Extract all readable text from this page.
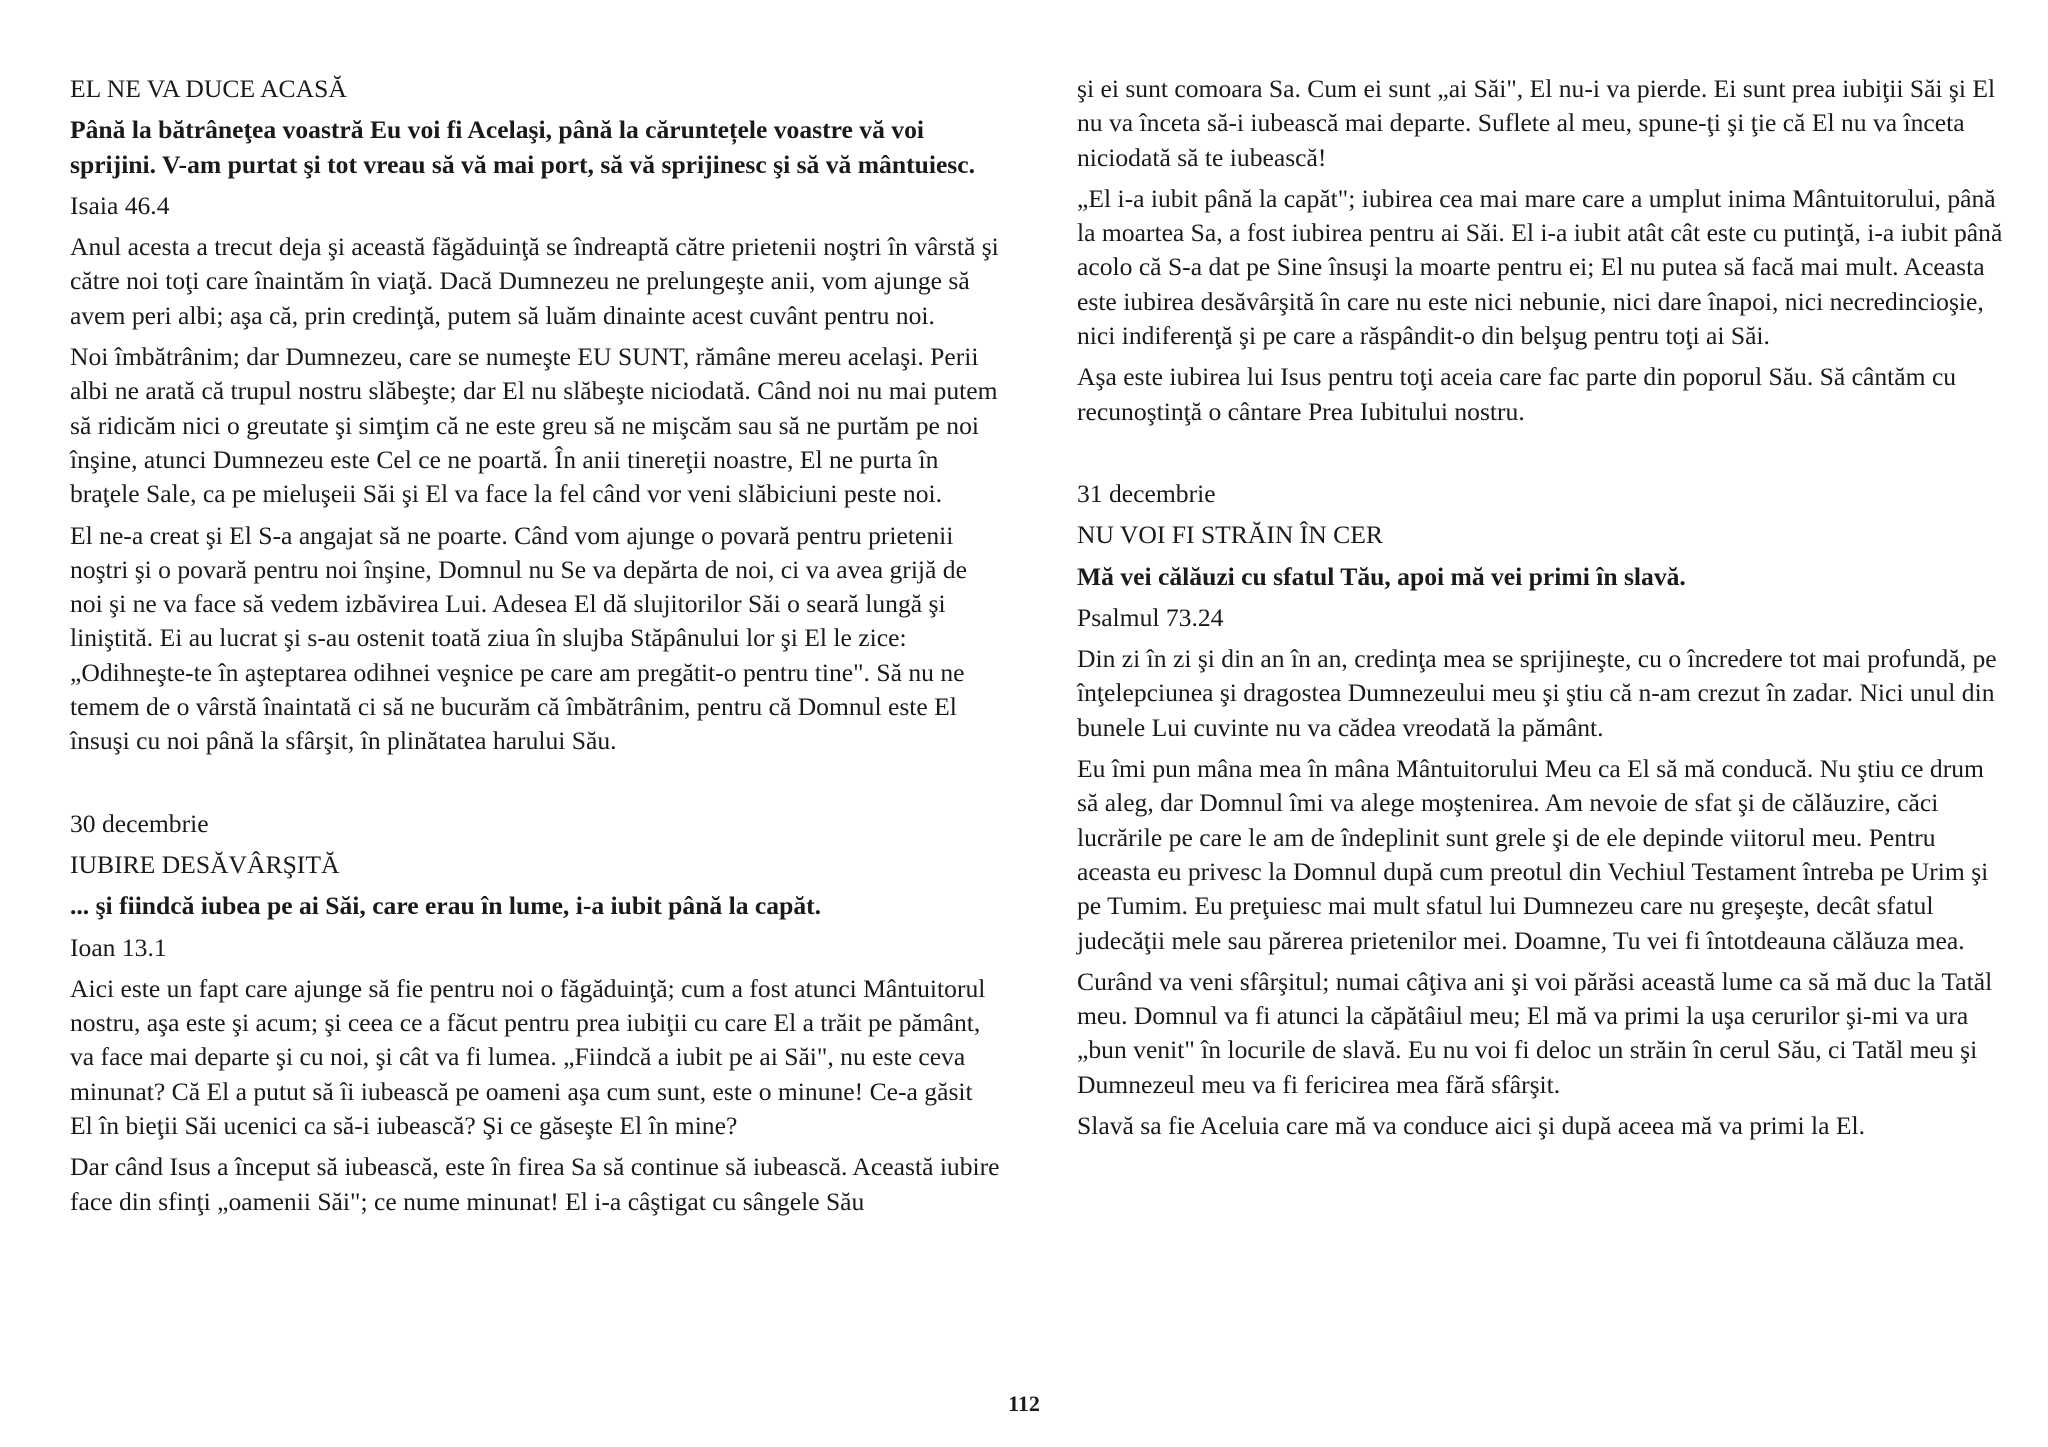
EL NE VA DUCE ACASĂ

Până la bătrâneţea voastră Eu voi fi Acelaşi, până la căruntețele voastre vă voi sprijini. V-am purtat şi tot vreau să vă mai port, să vă sprijinesc şi să vă mântuiesc.

Isaia 46.4

Anul acesta a trecut deja şi această făgăduinţă se îndreaptă către prietenii noştri în vârstă şi către noi toţi care înaintăm în viaţă. Dacă Dumnezeu ne prelungeşte anii, vom ajunge să avem peri albi; aşa că, prin credinţă, putem să luăm dinainte acest cuvânt pentru noi.

Noi îmbătrânim; dar Dumnezeu, care se numeşte EU SUNT, rămâne mereu acelaşi. Perii albi ne arată că trupul nostru slăbeşte; dar El nu slăbeşte niciodată. Când noi nu mai putem să ridicăm nici o greutate şi simţim că ne este greu să ne mişcăm sau să ne purtăm pe noi înşine, atunci Dumnezeu este Cel ce ne poartă. În anii tinereţii noastre, El ne purta în braţele Sale, ca pe mieluşeii Săi şi El va face la fel când vor veni slăbiciuni peste noi.

El ne-a creat şi El S-a angajat să ne poarte. Când vom ajunge o povară pentru prietenii noştri şi o povară pentru noi înşine, Domnul nu Se va depărta de noi, ci va avea grijă de noi şi ne va face să vedem izbăvirea Lui. Adesea El dă slujitorilor Săi o seară lungă şi liniştită. Ei au lucrat şi s-au ostenit toată ziua în slujba Stăpânului lor şi El le zice: „Odihneşte-te în aşteptarea odihnei veşnice pe care am pregătit-o pentru tine". Să nu ne temem de o vârstă înaintată ci să ne bucurăm că îmbătrânim, pentru că Domnul este El însuşi cu noi până la sfârşit, în plinătatea harului Său.

30 decembrie

IUBIRE DESĂVÂRŞITĂ

... şi fiindcă iubea pe ai Săi, care erau în lume, i-a iubit până la capăt.

Ioan 13.1

Aici este un fapt care ajunge să fie pentru noi o făgăduinţă; cum a fost atunci Mântuitorul nostru, aşa este şi acum; şi ceea ce a făcut pentru prea iubiţii cu care El a trăit pe pământ, va face mai departe şi cu noi, şi cât va fi lumea. „Fiindcă a iubit pe ai Săi", nu este ceva minunat? Că El a putut să îi iubească pe oameni aşa cum sunt, este o minune! Ce-a găsit El în bieţii Săi ucenici ca să-i iubească? Şi ce găseşte El în mine?

Dar când Isus a început să iubească, este în firea Sa să continue să iubească. Această iubire face din sfinţi „oamenii Săi"; ce nume minunat! El i-a câştigat cu sângele Său

şi ei sunt comoara Sa. Cum ei sunt „ai Săi", El nu-i va pierde. Ei sunt prea iubiţii Săi şi El nu va înceta să-i iubească mai departe. Suflete al meu, spune-ţi şi ţie că El nu va înceta niciodată să te iubească!

„El i-a iubit până la capăt"; iubirea cea mai mare care a umplut inima Mântuitorului, până la moartea Sa, a fost iubirea pentru ai Săi. El i-a iubit atât cât este cu putinţă, i-a iubit până acolo că S-a dat pe Sine însuşi la moarte pentru ei; El nu putea să facă mai mult. Aceasta este iubirea desăvârşită în care nu este nici nebunie, nici dare înapoi, nici necredincioşie, nici indiferenţă şi pe care a răspândit-o din belşug pentru toţi ai Săi.

Aşa este iubirea lui Isus pentru toţi aceia care fac parte din poporul Său. Să cântăm cu recunoştinţă o cântare Prea Iubitului nostru.

31 decembrie

NU VOI FI STRĂIN ÎN CER

Mă vei călăuzi cu sfatul Tău, apoi mă vei primi în slavă.

Psalmul 73.24

Din zi în zi şi din an în an, credinţa mea se sprijineşte, cu o încredere tot mai profundă, pe înţelepciunea şi dragostea Dumnezeului meu şi ştiu că n-am crezut în zadar. Nici unul din bunele Lui cuvinte nu va cădea vreodată la pământ.

Eu îmi pun mâna mea în mâna Mântuitorului Meu ca El să mă conducă. Nu ştiu ce drum să aleg, dar Domnul îmi va alege moştenirea. Am nevoie de sfat şi de călăuzire, căci lucrările pe care le am de îndeplinit sunt grele şi de ele depinde viitorul meu. Pentru aceasta eu privesc la Domnul după cum preotul din Vechiul Testament întreba pe Urim şi pe Tumim. Eu preţuiesc mai mult sfatul lui Dumnezeu care nu greşeşte, decât sfatul judecăţii mele sau părerea prietenilor mei. Doamne, Tu vei fi întotdeauna călăuza mea.

Curând va veni sfârşitul; numai câţiva ani şi voi părăsi această lume ca să mă duc la Tatăl meu. Domnul va fi atunci la căpătâiul meu; El mă va primi la uşa cerurilor şi-mi va ura „bun venit" în locurile de slavă. Eu nu voi fi deloc un străin în cerul Său, ci Tatăl meu şi Dumnezeul meu va fi fericirea mea fără sfârşit.

Slavă sa fie Aceluia care mă va conduce aici şi după aceea mă va primi la El.

112
